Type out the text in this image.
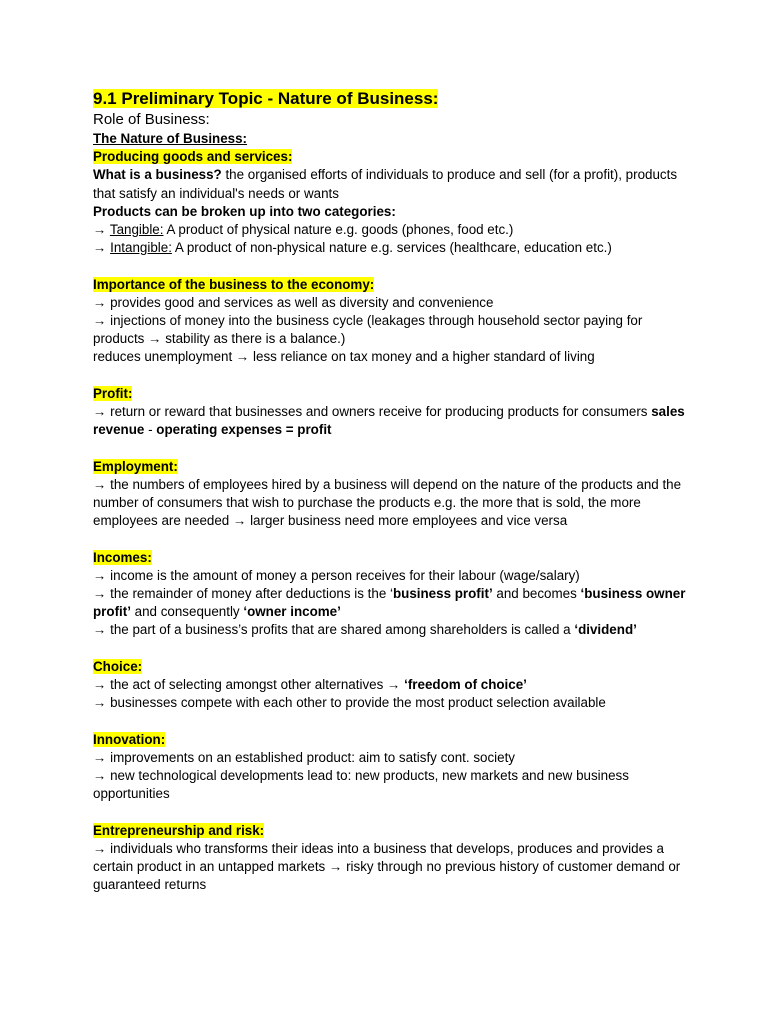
9.1 Preliminary Topic - Nature of Business:

Role of Business:

The Nature of Business:

Producing goods and services:

What is a business? the organised efforts of individuals to produce and sell (for a profit), products that satisfy an individual's needs or wants

Products can be broken up into two categories:

→ Tangible: A product of physical nature e.g. goods (phones, food etc.)

→ Intangible: A product of non-physical nature e.g. services (healthcare, education etc.)

Importance of the business to the economy:

→ provides good and services as well as diversity and convenience

→ injections of money into the business cycle (leakages through household sector paying for products → stability as there is a balance.)

reduces unemployment → less reliance on tax money and a higher standard of living

Profit:

→ return or reward that businesses and owners receive for producing products for consumers sales revenue - operating expenses = profit

Employment:

→ the numbers of employees hired by a business will depend on the nature of the products and the number of consumers that wish to purchase the products e.g. the more that is sold, the more employees are needed → larger business need more employees and vice versa

Incomes:

→ income is the amount of money a person receives for their labour (wage/salary)

→ the remainder of money after deductions is the ‘business profit’ and becomes ‘business owner profit’ and consequently ‘owner income’

→ the part of a business’s profits that are shared among shareholders is called a ‘dividend’

Choice:

→ the act of selecting amongst other alternatives → ‘freedom of choice’

→ businesses compete with each other to provide the most product selection available

Innovation:

→ improvements on an established product: aim to satisfy cont. society

→ new technological developments lead to: new products, new markets and new business opportunities

Entrepreneurship and risk:

→ individuals who transforms their ideas into a business that develops, produces and provides a certain product in an untapped markets → risky through no previous history of customer demand or guaranteed returns
